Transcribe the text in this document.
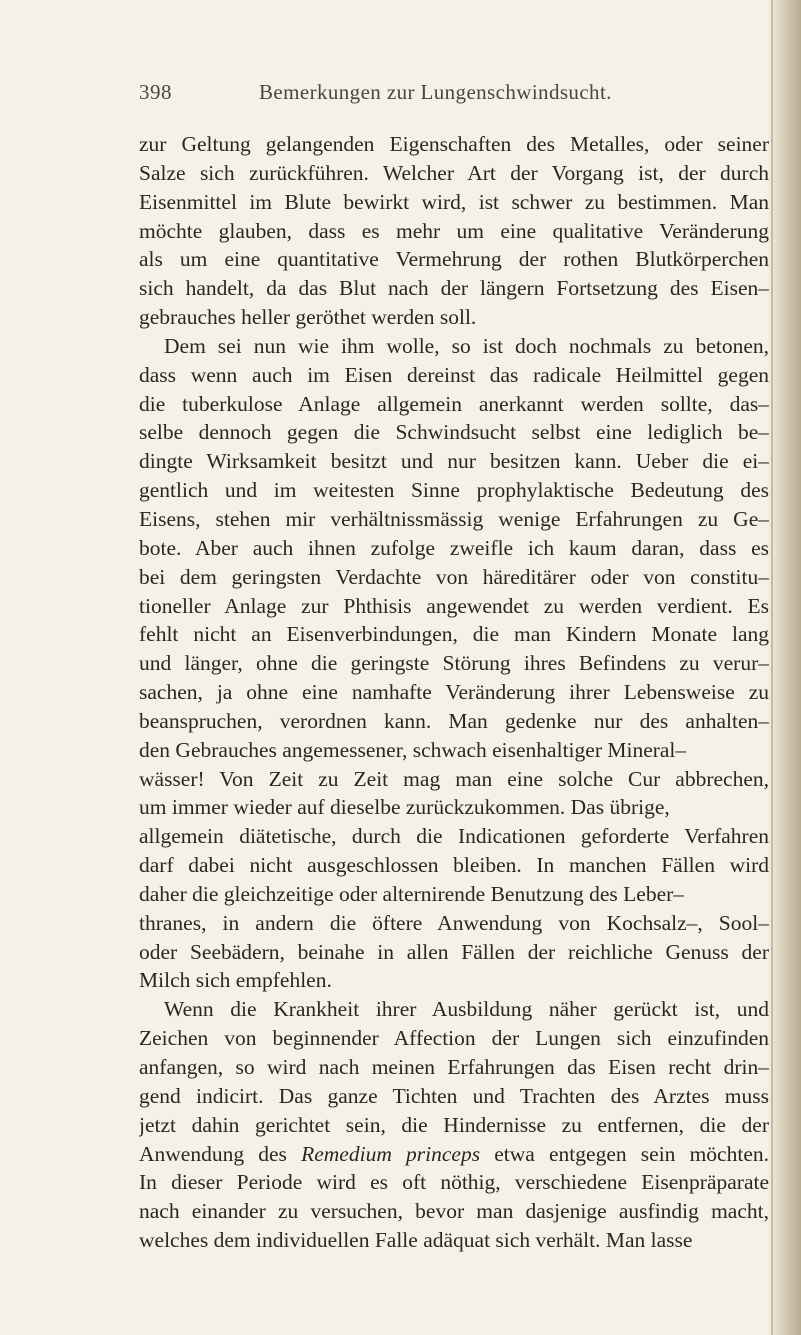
398	Bemerkungen zur Lungenschwindsucht.
zur Geltung gelangenden Eigenschaften des Metalles, oder seiner
Salze sich zurückführen. Welcher Art der Vorgang ist, der durch
Eisenmittel im Blute bewirkt wird, ist schwer zu bestimmen. Man
möchte glauben, dass es mehr um eine qualitative Veränderung
als um eine quantitative Vermehrung der rothen Blutkörperchen
sich handelt, da das Blut nach der längern Fortsetzung des Eisen–
gebrauches heller geröthet werden soll.
Dem sei nun wie ihm wolle, so ist doch nochmals zu betonen,
dass wenn auch im Eisen dereinst das radicale Heilmittel gegen
die tuberkulose Anlage allgemein anerkannt werden sollte, das–
selbe dennoch gegen die Schwindsucht selbst eine lediglich be–
dingte Wirksamkeit besitzt und nur besitzen kann. Ueber die ei–
gentlich und im weitesten Sinne prophylaktische Bedeutung des
Eisens, stehen mir verhältnissmässig wenige Erfahrungen zu Ge–
bote. Aber auch ihnen zufolge zweifle ich kaum daran, dass es
bei dem geringsten Verdachte von häreditärer oder von constitu–
tioneller Anlage zur Phthisis angewendet zu werden verdient. Es
fehlt nicht an Eisenverbindungen, die man Kindern Monate lang
und länger, ohne die geringste Störung ihres Befindens zu verur–
sachen, ja ohne eine namhafte Veränderung ihrer Lebensweise zu
beanspruchen, verordnen kann. Man gedenke nur des anhalten–
den Gebrauches angemessener, schwach eisenhaltiger Mineral–
wässer! Von Zeit zu Zeit mag man eine solche Cur abbrechen,
um immer wieder auf dieselbe zurückzukommen. Das übrige,
allgemein diätetische, durch die Indicationen geforderte Verfahren
darf dabei nicht ausgeschlossen bleiben. In manchen Fällen wird
daher die gleichzeitige oder alternirende Benutzung des Leber–
thranes, in andern die öftere Anwendung von Kochsalz–, Sool–
oder Seebädern, beinahe in allen Fällen der reichliche Genuss der
Milch sich empfehlen.
Wenn die Krankheit ihrer Ausbildung näher gerückt ist, und
Zeichen von beginnender Affection der Lungen sich einzufinden
anfangen, so wird nach meinen Erfahrungen das Eisen recht drin–
gend indicirt. Das ganze Tichten und Trachten des Arztes muss
jetzt dahin gerichtet sein, die Hindernisse zu entfernen, die der
Anwendung des Remedium princeps etwa entgegen sein möchten.
In dieser Periode wird es oft nöthig, verschiedene Eisenpräparate
nach einander zu versuchen, bevor man dasjenige ausfindig macht,
welches dem individuellen Falle adäquat sich verhält. Man lasse
